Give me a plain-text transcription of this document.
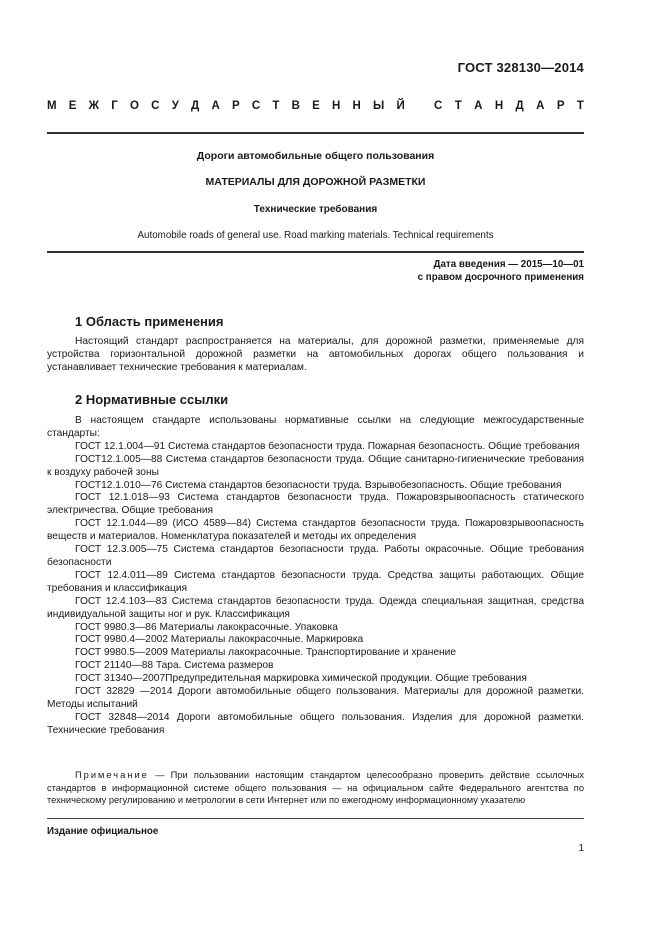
ГОСТ 328130—2014
М Е Ж Г О С У Д А Р С Т В Е Н Н Ы Й	С Т А Н Д А Р Т
Дороги автомобильные общего пользования
МАТЕРИАЛЫ ДЛЯ ДОРОЖНОЙ РАЗМЕТКИ
Технические требования
Automobile roads of general use. Road marking materials. Technical requirements
Дата введения — 2015—10—01
с правом досрочного применения
1 Область применения

Настоящий стандарт распространяется на материалы, для дорожной разметки, применяемые для устройства горизонтальной дорожной разметки на автомобильных дорогах общего пользования и устанавливает технические требования к материалам.

2 Нормативные ссылки

В настоящем стандарте использованы нормативные ссылки на следующие межгосударственные стандарты:

ГОСТ 12.1.004—91 Система стандартов безопасности труда. Пожарная безопасность. Общие требования

ГОСТ12.1.005—88 Система стандартов безопасности труда. Общие санитарно-гигиенические требования к воздуху рабочей зоны

ГОСТ12.1.010—76 Система стандартов безопасности труда. Взрывобезопасность. Общие требования

ГОСТ 12.1.018—93 Система стандартов безопасности труда. Пожаровзрывоопасность статического электричества. Общие требования

ГОСТ 12.1.044—89 (ИСО 4589—84) Система стандартов безопасности труда. Пожаровзрывоопасность веществ и материалов. Номенклатура показателей и методы их определения

ГОСТ 12.3.005—75 Система стандартов безопасности труда. Работы окрасочные. Общие требования безопасности

ГОСТ 12.4.011—89 Система стандартов безопасности труда. Средства защиты работающих. Общие требования и классификация

ГОСТ 12.4.103—83 Система стандартов безопасности труда. Одежда специальная защитная, средства индивидуальной защиты ног и рук. Классификация

ГОСТ 9980.3—86 Материалы лакокрасочные. Упаковка

ГОСТ 9980.4—2002 Материалы лакокрасочные. Маркировка

ГОСТ 9980.5—2009 Материалы лакокрасочные. Транспортирование и хранение

ГОСТ 21140—88 Тара. Система размеров

ГОСТ 31340—2007Предупредительная маркировка химической продукции. Общие требования

ГОСТ 32829 —2014 Дороги автомобильные общего пользования. Материалы для дорожной разметки. Методы испытаний

ГОСТ 32848—2014 Дороги автомобильные общего пользования. Изделия для дорожной разметки. Технические требования

Примечание — При пользовании настоящим стандартом целесообразно проверить действие ссылочных стандартов в информационной системе общего пользования — на официальном сайте Федерального агентства по техническому регулированию и метрологии в сети Интернет или по ежегодному информационному указателю
Издание официальное
1
